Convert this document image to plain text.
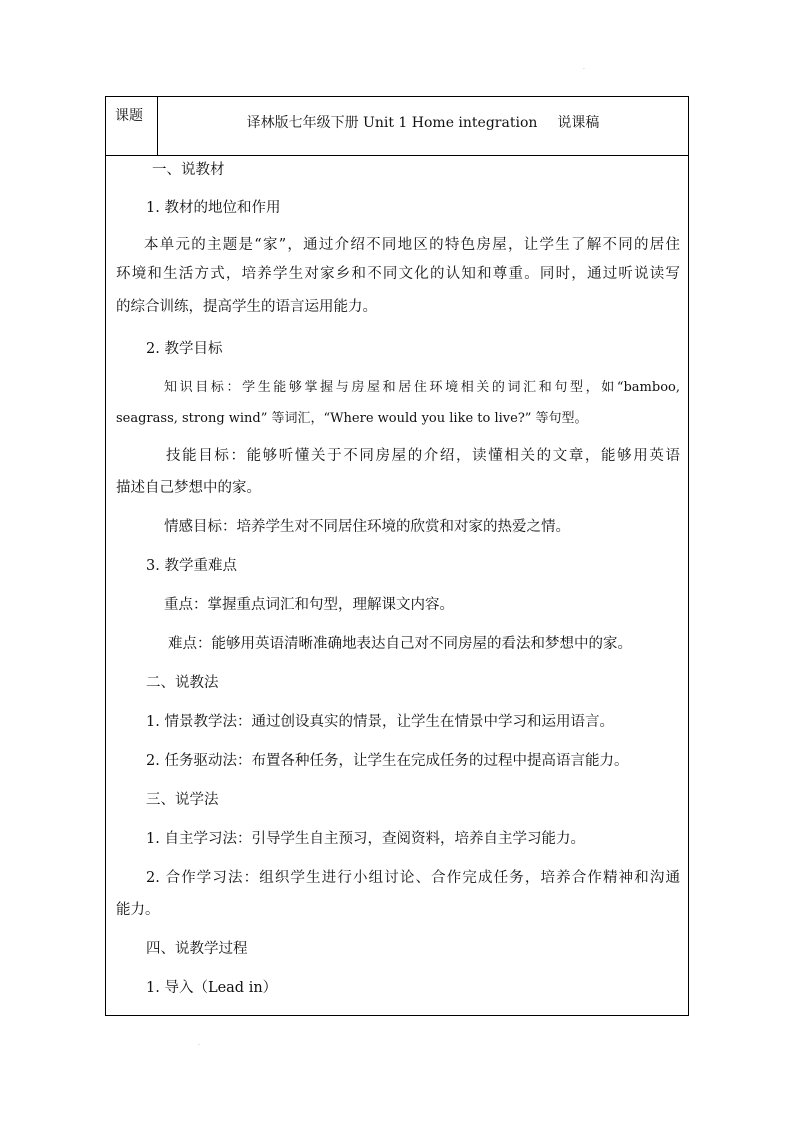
.
.
课题	译林版七年级下册 Unit 1 Home integration 说课稿
一、说教材
1. 教材的地位和作用
本单元的主题是“家”，通过介绍不同地区的特色房屋，让学生了解不同的居住
环境和生活方式，培养学生对家乡和不同文化的认知和尊重。同时，通过听说读写
的综合训练，提高学生的语言运用能力。
2. 教学目标
知识目标：学生能够掌握与房屋和居住环境相关的词汇和句型，如“bamboo,
seagrass, strong wind” 等词汇，“Where would you like to live?” 等句型。
技能目标：能够听懂关于不同房屋的介绍，读懂相关的文章，能够用英语
描述自己梦想中的家。
情感目标：培养学生对不同居住环境的欣赏和对家的热爱之情。
3. 教学重难点
重点：掌握重点词汇和句型，理解课文内容。
难点：能够用英语清晰准确地表达自己对不同房屋的看法和梦想中的家。
二、说教法
1. 情景教学法：通过创设真实的情景，让学生在情景中学习和运用语言。
2. 任务驱动法：布置各种任务，让学生在完成任务的过程中提高语言能力。
三、说学法
1. 自主学习法：引导学生自主预习，查阅资料，培养自主学习能力。
2. 合作学习法：组织学生进行小组讨论、合作完成任务，培养合作精神和沟通
能力。
四、说教学过程
1. 导入（Lead in）
